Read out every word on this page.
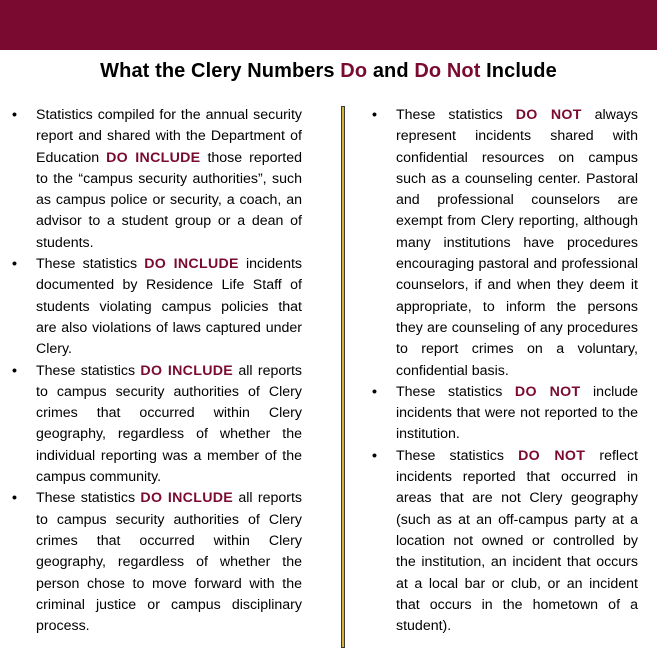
What the Clery Numbers Do and Do Not Include
• Statistics compiled for the annual security report and shared with the Department of Education DO INCLUDE those reported to the “campus security authorities”, such as campus police or security, a coach, an advisor to a student group or a dean of students.
• These statistics DO INCLUDE incidents documented by Residence Life Staff of students violating campus policies that are also violations of laws captured under Clery.
• These statistics DO INCLUDE all reports to campus security authorities of Clery crimes that occurred within Clery geography, regardless of whether the individual reporting was a member of the campus community.
• These statistics DO INCLUDE all reports to campus security authorities of Clery crimes that occurred within Clery geography, regardless of whether the person chose to move forward with the criminal justice or campus disciplinary process.
• These statistics DO NOT always represent incidents shared with confidential resources on campus such as a counseling center. Pastoral and professional counselors are exempt from Clery reporting, although many institutions have procedures encouraging pastoral and professional counselors, if and when they deem it appropriate, to inform the persons they are counseling of any procedures to report crimes on a voluntary, confidential basis.
• These statistics DO NOT include incidents that were not reported to the institution.
• These statistics DO NOT reflect incidents reported that occurred in areas that are not Clery geography (such as at an off-campus party at a location not owned or controlled by the institution, an incident that occurs at a local bar or club, or an incident that occurs in the hometown of a student).
